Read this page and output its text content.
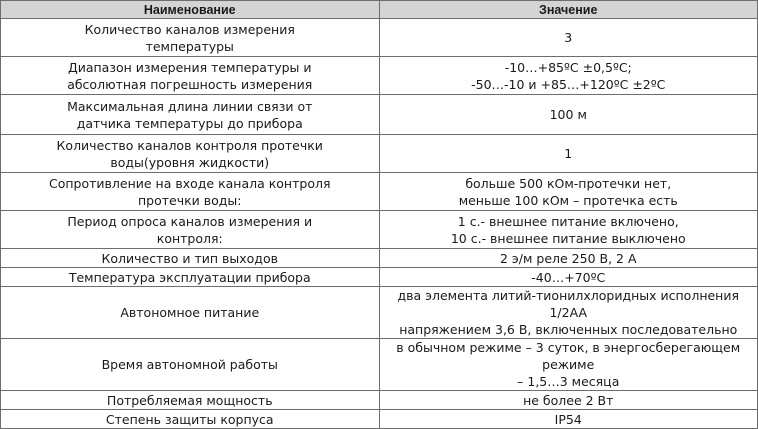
Наименование	Значение
Количество каналов измерения
температуры	3
Диапазон измерения температуры и
абсолютная погрешность измерения	-10…+85ºC ±0,5ºC;
-50…-10 и +85…+120ºC ±2ºC
Максимальная длина линии связи от
датчика температуры до прибора	100 м
Количество каналов контроля протечки
воды(уровня жидкости)	1
Сопротивление на входе канала контроля
протечки воды:	больше 500 кОм-протечки нет,
меньше 100 кОм – протечка есть
Период опроса каналов измерения и
контроля:	1 с.- внешнее питание включено,
10 с.- внешнее питание выключено
Количество и тип выходов	2 э/м реле 250 В, 2 А
Температура эксплуатации прибора	-40…+70ºC
Автономное питание	два элемента литий-тионилхлоридных исполнения 1/2AA
напряжением 3,6 В, включенных последовательно
Время автономной работы	в обычном режиме – 3 суток, в энергосберегающем режиме
– 1,5…3 месяца
Потребляемая мощность	не более 2 Вт
Степень защиты корпуса	IP54
